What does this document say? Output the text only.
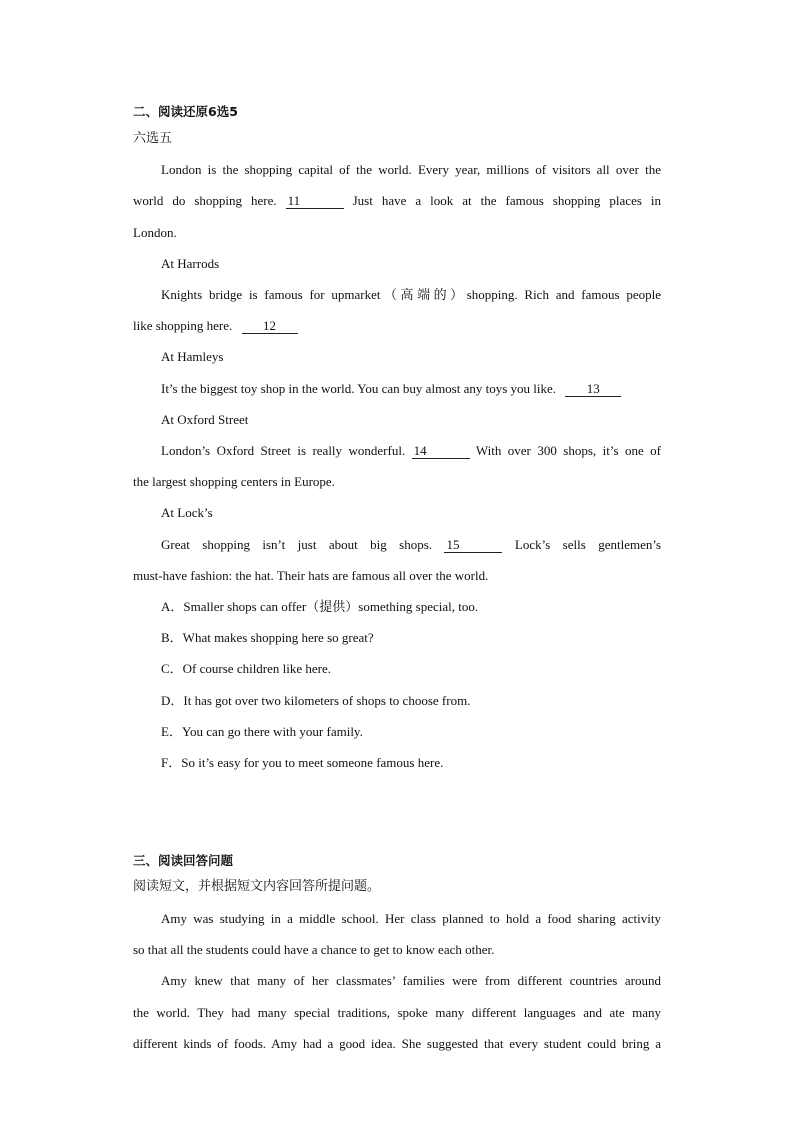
二、阅读还原6选5
六选五
London is the shopping capital of the world. Every year, millions of visitors all over the
world do shopping here. 11	Just have a look at the famous shopping places in
London.
At Harrods
Knights bridge is famous for upmarket（高端的）shopping. Rich and famous people
like shopping here. 12
At Hamleys
It’s the biggest toy shop in the world. You can buy almost any toys you like. 13
At Oxford Street
London’s Oxford Street is really wonderful. 14	With over 300 shops, it’s one of
the largest shopping centers in Europe.
At Lock’s
Great shopping isn’t just about big shops. 15	Lock’s sells gentlemen’s
must-have fashion: the hat. Their hats are famous all over the world.
A．Smaller shops can offer（提供）something special, too.
B．What makes shopping here so great?
C．Of course children like here.
D．It has got over two kilometers of shops to choose from.
E．You can go there with your family.
F．So it’s easy for you to meet someone famous here.
三、阅读回答问题
阅读短文，并根据短文内容回答所提问题。
Amy was studying in a middle school. Her class planned to hold a food sharing activity
so that all the students could have a chance to get to know each other.
Amy knew that many of her classmates’ families were from different countries around
the world. They had many special traditions, spoke many different languages and ate many
different kinds of foods. Amy had a good idea. She suggested that every student could bring a
